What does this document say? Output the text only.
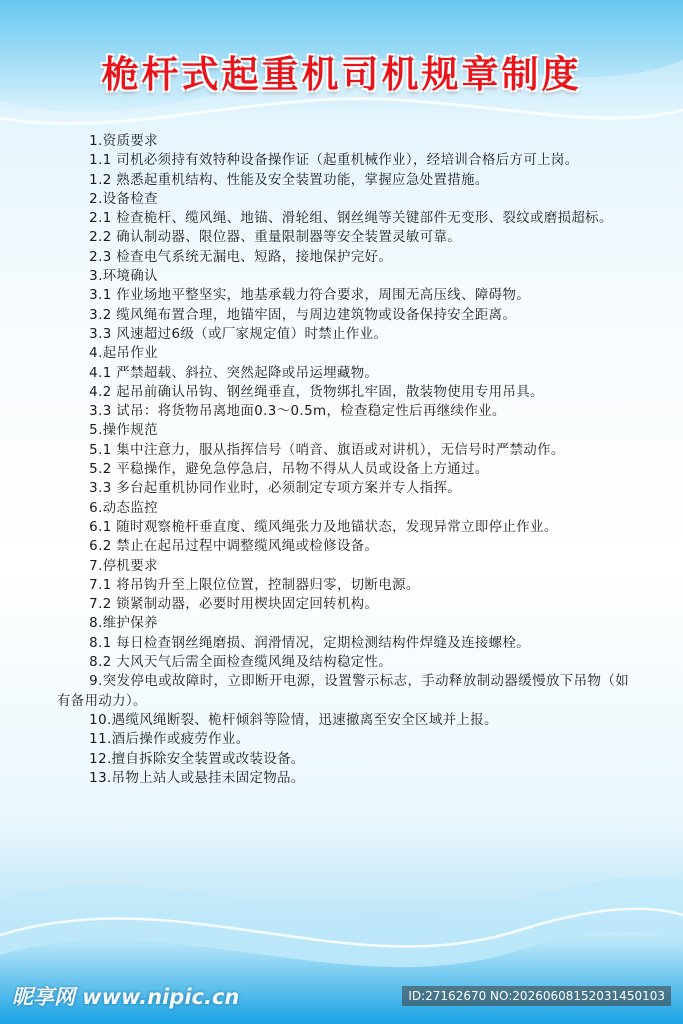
桅杆式起重机司机规章制度

1.资质要求

1.1 司机必须持有效特种设备操作证（起重机械作业），经培训合格后方可上岗。

1.2 熟悉起重机结构、性能及安全装置功能，掌握应急处置措施。

2.设备检查

2.1 检查桅杆、缆风绳、地锚、滑轮组、钢丝绳等关键部件无变形、裂纹或磨损超标。

2.2 确认制动器、限位器、重量限制器等安全装置灵敏可靠。

2.3 检查电气系统无漏电、短路，接地保护完好。

3.环境确认

3.1 作业场地平整坚实，地基承载力符合要求，周围无高压线、障碍物。

3.2 缆风绳布置合理，地锚牢固，与周边建筑物或设备保持安全距离。

3.3 风速超过6级（或厂家规定值）时禁止作业。

4.起吊作业

4.1 严禁超载、斜拉、突然起降或吊运埋藏物。

4.2 起吊前确认吊钩、钢丝绳垂直，货物绑扎牢固，散装物使用专用吊具。

3.3 试吊：将货物吊离地面0.3～0.5m，检查稳定性后再继续作业。

5.操作规范

5.1 集中注意力，服从指挥信号（哨音、旗语或对讲机），无信号时严禁动作。

5.2 平稳操作，避免急停急启，吊物不得从人员或设备上方通过。

3.3 多台起重机协同作业时，必须制定专项方案并专人指挥。

6.动态监控

6.1 随时观察桅杆垂直度、缆风绳张力及地锚状态，发现异常立即停止作业。

6.2 禁止在起吊过程中调整缆风绳或检修设备。

7.停机要求

7.1 将吊钩升至上限位位置，控制器归零，切断电源。

7.2 锁紧制动器，必要时用楔块固定回转机构。

8.维护保养

8.1 每日检查钢丝绳磨损、润滑情况，定期检测结构件焊缝及连接螺栓。

8.2 大风天气后需全面检查缆风绳及结构稳定性。

9.突发停电或故障时，立即断开电源，设置警示标志，手动释放制动器缓慢放下吊物（如有备用动力）。

10.遇缆风绳断裂、桅杆倾斜等险情，迅速撤离至安全区域并上报。

11.酒后操作或疲劳作业。

12.擅自拆除安全装置或改装设备。

13.吊物上站人或悬挂未固定物品。

昵享网 www.nipic.cn	ID:27162670 NO:20260608152031450103
